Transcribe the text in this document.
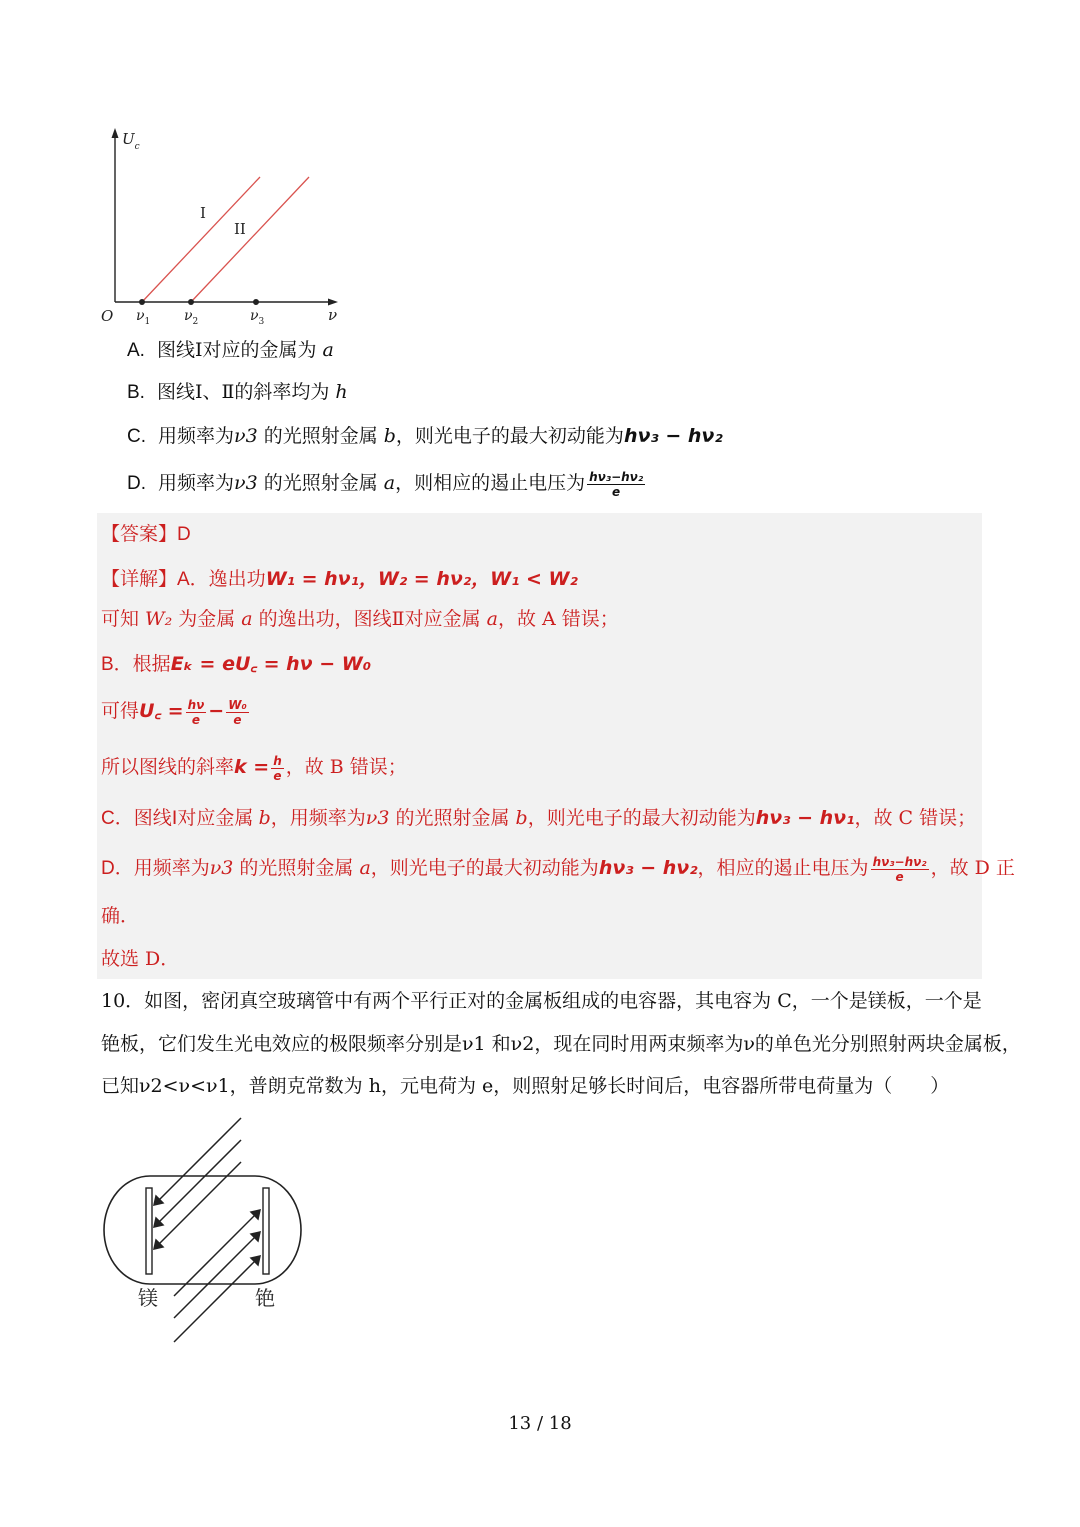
$U_c$
O	ν
$\nu_1$ $\nu_2$	$\nu_3$
I
II
A. 图线Ⅰ对应的金属为 a
B. 图线Ⅰ、Ⅱ的斜率均为 h
C. 用频率为ν3 的光照射金属 b，则光电子的最大初动能为hν₃ − hν₂
D. 用频率为ν3 的光照射金属 a，则相应的遏止电压为 $\frac{\text{hν₃−hν₂}}{e}$
【答案】D
【详解】A．逸出功W₁ = hν₁，W₂ = hν₂，W₁ < W₂
可知 W₂ 为金属 a 的逸出功，图线Ⅱ对应金属 a，故 A 错误；
B．根据Eₖ = eU꜀ = hν − W₀
可得U꜀ = $\frac{h\nu}{e} - \frac{\text{W₀}}{e}$
所以图线的斜率$k = \frac{h}{e}$ ，故 B 错误；
C．图线Ⅰ对应金属 b，用频率为ν3 的光照射金属 b，则光电子的最大初动能为hν₃ − hν₁，故 C 错误；
D．用频率为ν3 的光照射金属 a，则光电子的最大初动能为hν₃ − hν₂，相应的遏止电压为 $\frac{\text{hν₃−hν₂}}{e}$ ，故 D 正
确．
故选 D．
10．如图，密闭真空玻璃管中有两个平行正对的金属板组成的电容器，其电容为 C，一个是镁板，一个是
铯板，它们发生光电效应的极限频率分别是ν1 和ν2，现在同时用两束频率为ν的单色光分别照射两块金属板，
已知ν2<ν<ν1，普朗克常数为 h，元电荷为 e，则照射足够长时间后，电容器所带电荷量为（　　）
镁	铯
13 / 18
